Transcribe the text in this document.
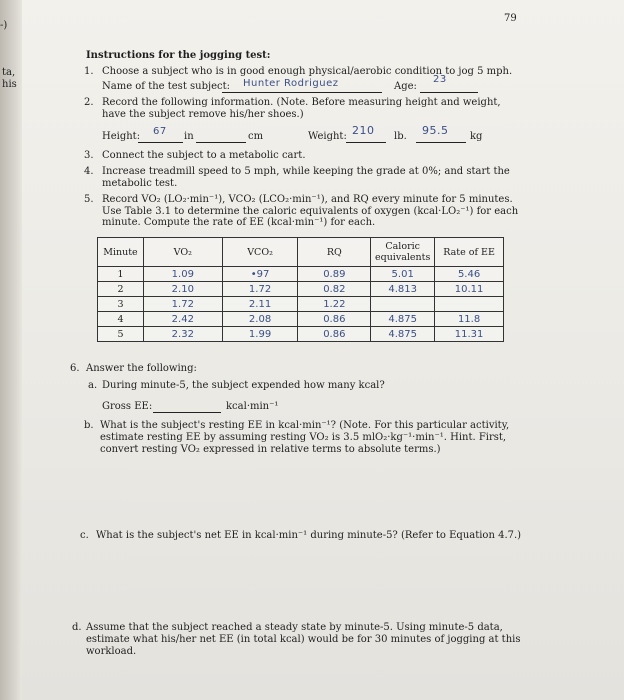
-)
ta,
his
79
Instructions for the jogging test:
1. Choose a subject who is in good enough physical/aerobic condition to jog 5 mph.
Name of the test subject: Hunter Rodriguez	Age:
23
2. Record the following information. (Note. Before measuring height and weight, have the subject remove his/her shoes.)
Height: 67 in	cm	Weight: 210 lb. 95.5 kg
3. Connect the subject to a metabolic cart.
4. Increase treadmill speed to 5 mph, while keeping the grade at 0%; and start the metabolic test.
5. Record VO₂ (LO₂·min⁻¹), VCO₂ (LCO₂·min⁻¹), and RQ every minute for 5 minutes. Use Table 3.1 to determine the caloric equivalents of oxygen (kcal·LO₂⁻¹) for each minute. Compute the rate of EE (kcal·min⁻¹) for each.
Minute	VO₂	VCO₂	RQ	Caloric equivalents	Rate of EE
1	1.09	•97	0.89	5.01	5.46
2	2.10	1.72	0.82	4.813	10.11
3	1.72	2.11	1.22		
4	2.42	2.08	0.86	4.875	11.8
5	2.32	1.99	0.86	4.875	11.31
6. Answer the following:
a. During minute-5, the subject expended how many kcal?
Gross EE:	kcal·min⁻¹
b. What is the subject's resting EE in kcal·min⁻¹? (Note. For this particular activity, estimate resting EE by assuming resting VO₂ is 3.5 mlO₂·kg⁻¹·min⁻¹. Hint. First, convert resting VO₂ expressed in relative terms to absolute terms.)
c. What is the subject's net EE in kcal·min⁻¹ during minute-5? (Refer to Equation 4.7.)
d. Assume that the subject reached a steady state by minute-5. Using minute-5 data, estimate what his/her net EE (in total kcal) would be for 30 minutes of jogging at this workload.
